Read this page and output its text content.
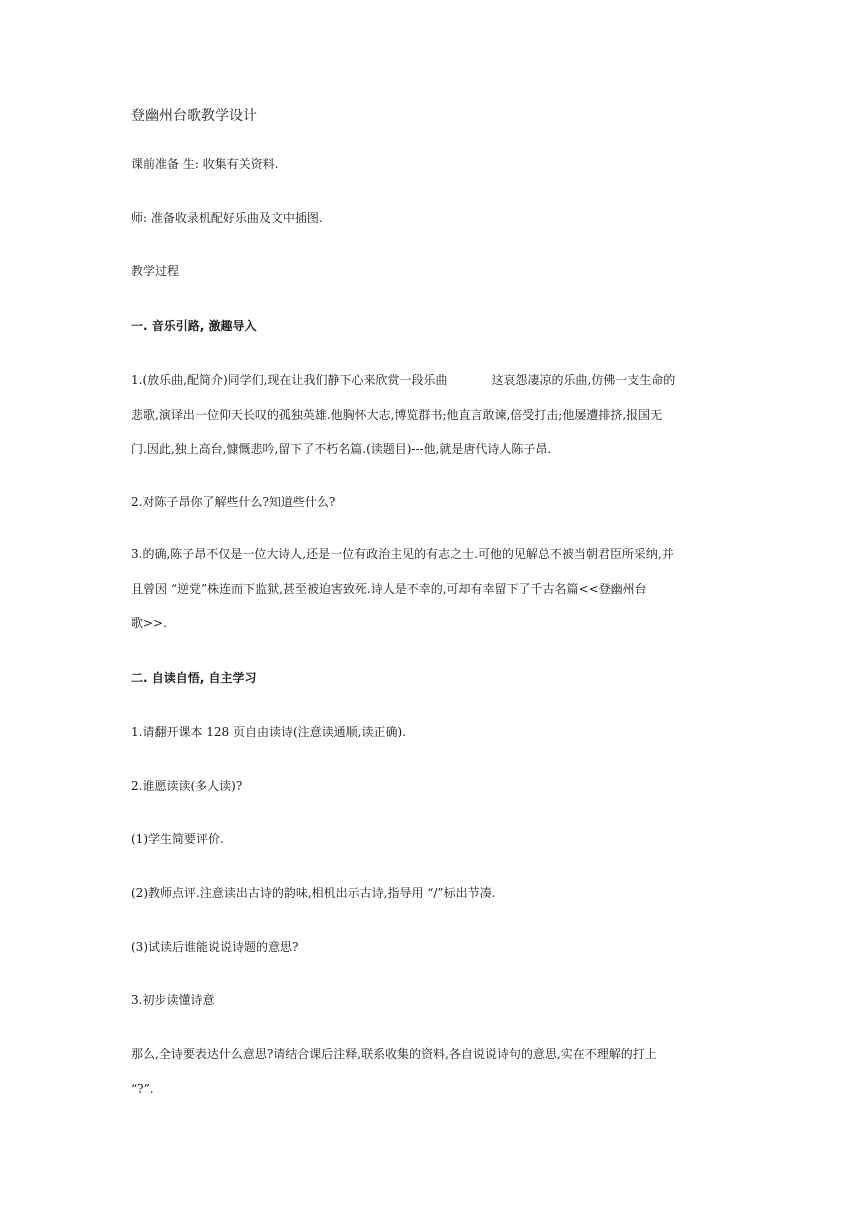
登幽州台歌教学设计

课前准备 生: 收集有关资料.

师: 准备收录机配好乐曲及文中插图.

教学过程

一. 音乐引路, 激趣导入

1.(放乐曲,配简介)同学们,现在让我们静下心来欣赏一段乐曲	这哀怨凄凉的乐曲,仿佛一支生命的

悲歌,演译出一位仰天长叹的孤独英雄.他胸怀大志,博览群书;他直言敢谏,倍受打击;他屡遭排挤,报国无

门.因此,独上高台,慷慨悲吟,留下了不朽名篇.(读题目)---他,就是唐代诗人陈子昂.

2.对陈子昂你了解些什么?知道些什么?

3.的确,陈子昂不仅是一位大诗人,还是一位有政治主见的有志之士.可他的见解总不被当朝君臣所采纳,并

且曾因 “逆党”株连而下监狱,甚至被迫害致死.诗人是不幸的,可却有幸留下了千古名篇<<登幽州台

歌>>.

二. 自读自悟, 自主学习

1.请翻开课本 128 页自由读诗(注意读通顺,读正确).

2.谁愿读读(多人读)?

(1)学生简要评价.

(2)教师点评.注意读出古诗的韵味,相机出示古诗,指导用 “/”标出节凑.

(3)试读后谁能说说诗题的意思?

3.初步读懂诗意

那么,全诗要表达什么意思?请结合课后注释,联系收集的资料,各自说说诗句的意思,实在不理解的打上

“?”.
